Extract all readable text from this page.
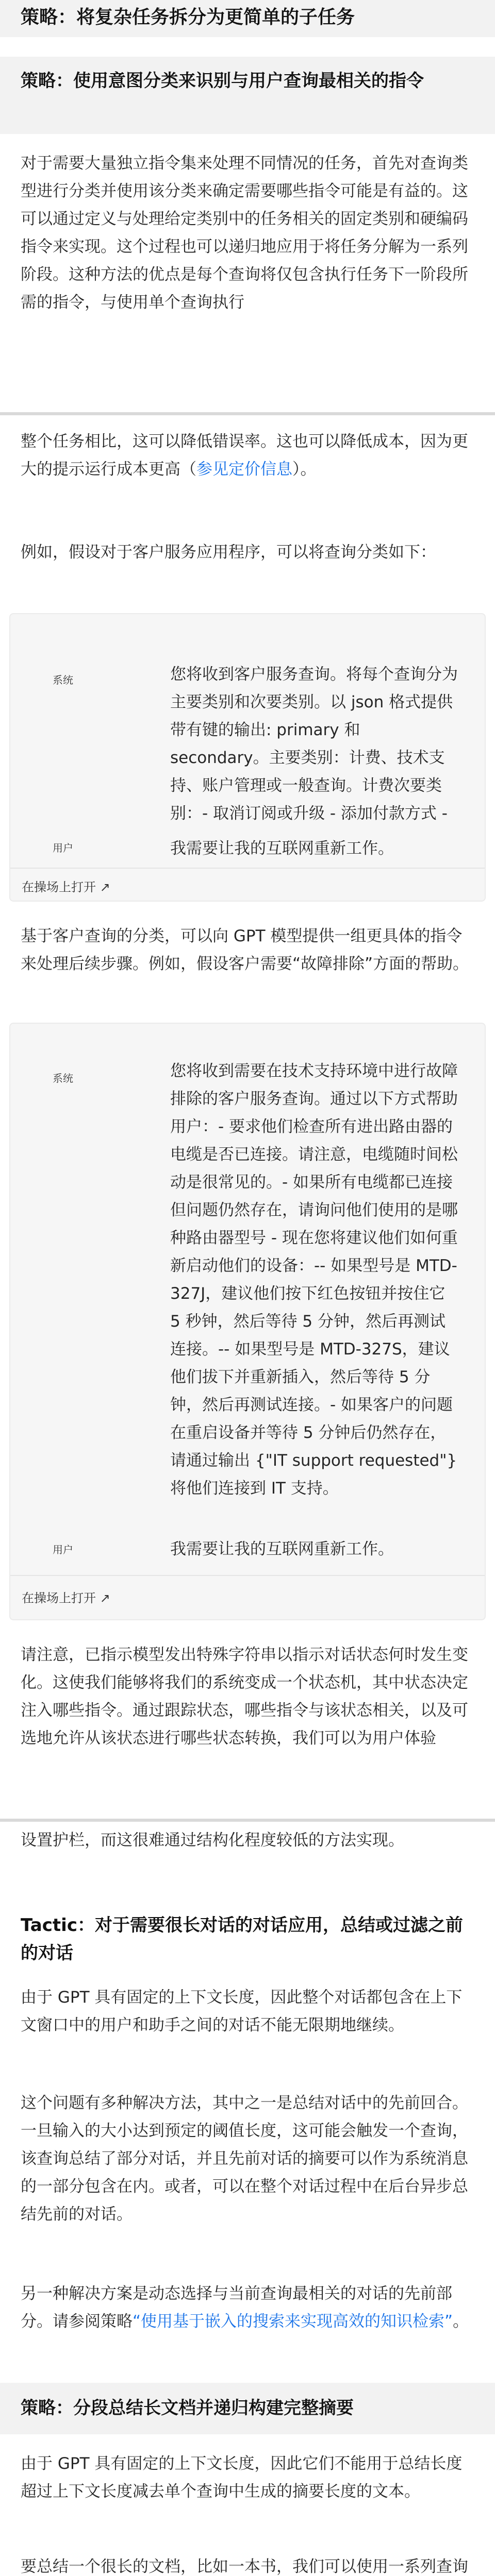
策略：将复杂任务拆分为更简单的子任务
策略：使用意图分类来识别与用户查询最相关的指令
对于需要大量独立指令集来处理不同情况的任务，首先对查询类型进行分类并使用该分类来确定需要哪些指令可能是有益的。这可以通过定义与处理给定类别中的任务相关的固定类别和硬编码指令来实现。这个过程也可以递归地应用于将任务分解为一系列阶段。这种方法的优点是每个查询将仅包含执行任务下一阶段所需的指令，与使用单个查询执行
整个任务相比，这可以降低错误率。这也可以降低成本，因为更大的提示运行成本更高（参见定价信息）。
例如，假设对于客户服务应用程序，可以将查询分类如下：
系统	您将收到客户服务查询。将每个查询分为主要类别和次要类别。以 json 格式提供带有键的输出: primary 和 secondary。主要类别：计费、技术支持、账户管理或一般查询。计费次要类别：- 取消订阅或升级 - 添加付款方式 -
用户	我需要让我的互联网重新工作。
在操场上打开 ↗
基于客户查询的分类，可以向 GPT 模型提供一组更具体的指令来处理后续步骤。例如，假设客户需要“故障排除”方面的帮助。
系统	您将收到需要在技术支持环境中进行故障排除的客户服务查询。通过以下方式帮助用户：- 要求他们检查所有进出路由器的电缆是否已连接。请注意，电缆随时间松动是很常见的。- 如果所有电缆都已连接但问题仍然存在，请询问他们使用的是哪种路由器型号 - 现在您将建议他们如何重新启动他们的设备：-- 如果型号是 MTD-327J，建议他们按下红色按钮并按住它 5 秒钟，然后等待 5 分钟，然后再测试连接。-- 如果型号是 MTD-327S，建议他们拔下并重新插入，然后等待 5 分钟，然后再测试连接。- 如果客户的问题在重启设备并等待 5 分钟后仍然存在，请通过输出 {"IT support requested"} 将他们连接到 IT 支持。
用户	我需要让我的互联网重新工作。
在操场上打开 ↗
请注意，已指示模型发出特殊字符串以指示对话状态何时发生变化。这使我们能够将我们的系统变成一个状态机，其中状态决定注入哪些指令。通过跟踪状态，哪些指令与该状态相关，以及可选地允许从该状态进行哪些状态转换，我们可以为用户体验
设置护栏，而这很难通过结构化程度较低的方法实现。
Tactic：对于需要很长对话的对话应用，总结或过滤之前的对话
由于 GPT 具有固定的上下文长度，因此整个对话都包含在上下文窗口中的用户和助手之间的对话不能无限期地继续。
这个问题有多种解决方法，其中之一是总结对话中的先前回合。一旦输入的大小达到预定的阈值长度，这可能会触发一个查询，该查询总结了部分对话，并且先前对话的摘要可以作为系统消息的一部分包含在内。或者，可以在整个对话过程中在后台异步总结先前的对话。
另一种解决方案是动态选择与当前查询最相关的对话的先前部分。请参阅策略“使用基于嵌入的搜索来实现高效的知识检索”。
策略：分段总结长文档并递归构建完整摘要
由于 GPT 具有固定的上下文长度，因此它们不能用于总结长度超过上下文长度减去单个查询中生成的摘要长度的文本。
要总结一个很长的文档，比如一本书，我们可以使用一系列查询
